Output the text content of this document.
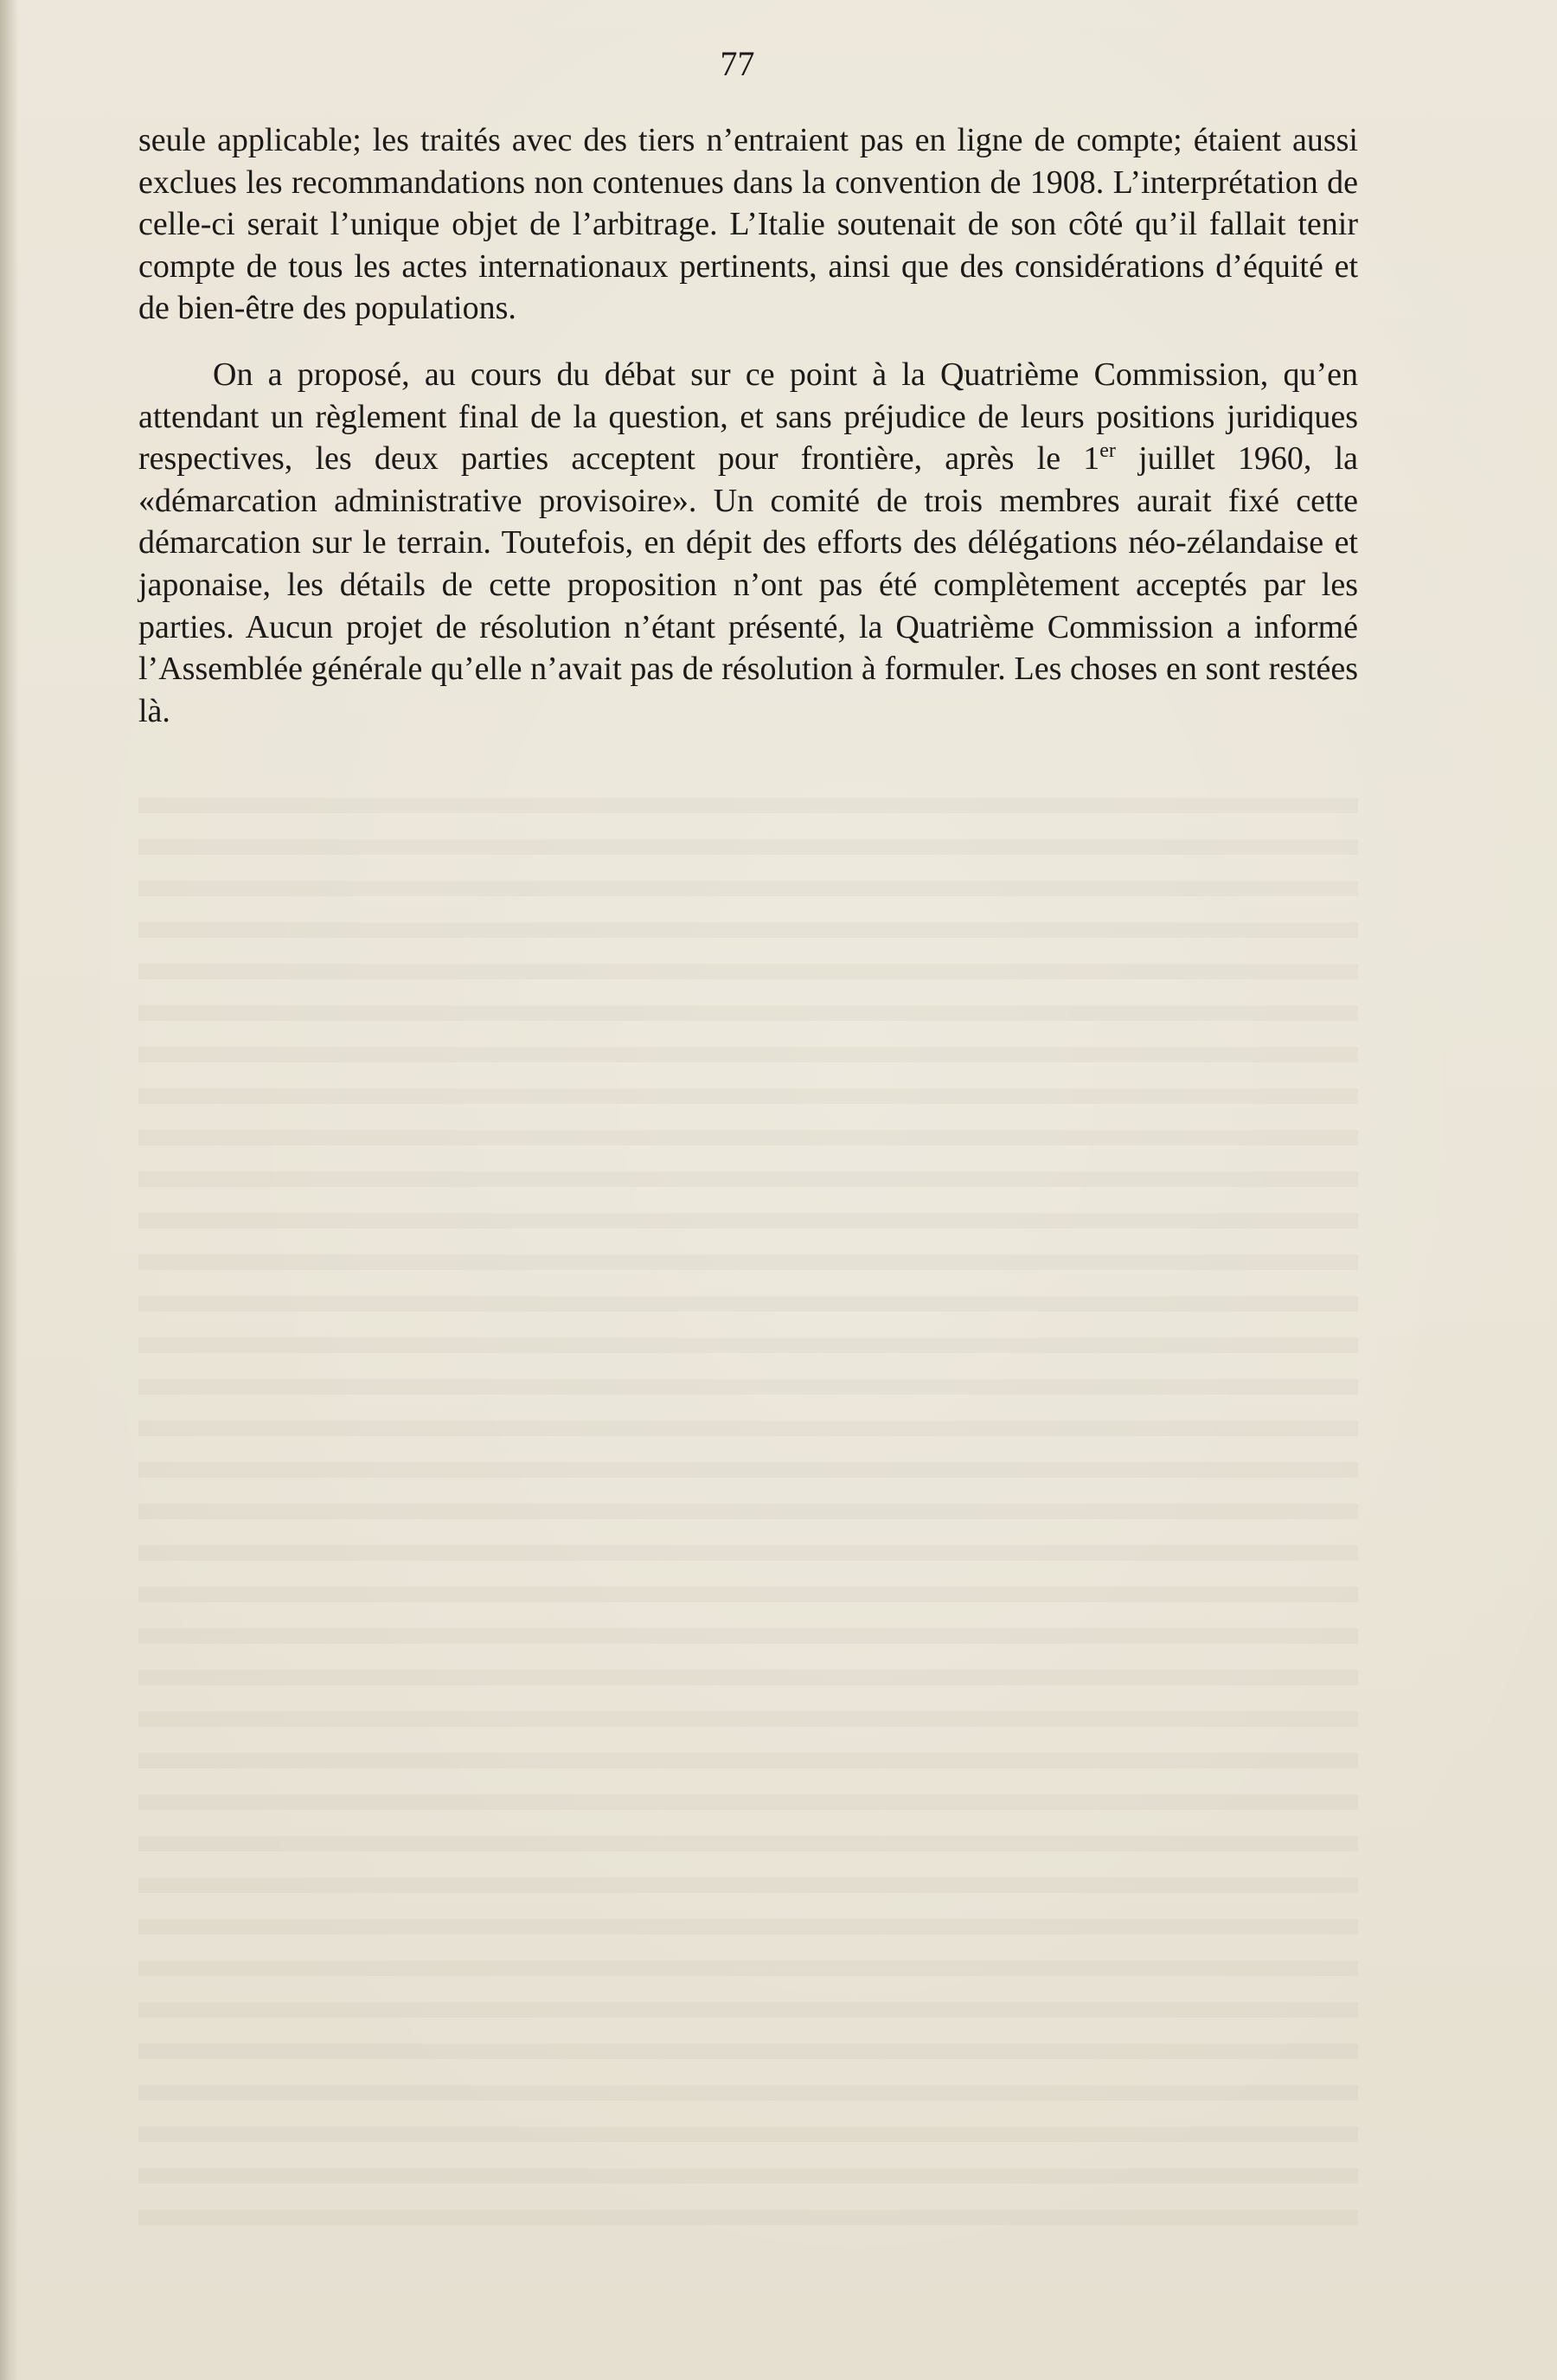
77

seule applicable; les traités avec des tiers n’entraient pas en ligne de compte; étaient aussi exclues les recommandations non contenues dans la convention de 1908. L’interprétation de celle-ci serait l’unique objet de l’arbitrage. L’Italie soutenait de son côté qu’il fallait tenir compte de tous les actes internationaux pertinents, ainsi que des considérations d’équité et de bien-être des populations.

On a proposé, au cours du débat sur ce point à la Quatrième Commission, qu’en attendant un règlement final de la question, et sans préjudice de leurs positions juridiques respectives, les deux parties acceptent pour frontière, après le 1er juillet 1960, la «démarcation administrative provisoire». Un comité de trois membres aurait fixé cette démarcation sur le terrain. Toutefois, en dépit des efforts des délégations néo-zélandaise et japonaise, les détails de cette proposition n’ont pas été complètement acceptés par les parties. Aucun projet de résolution n’étant présenté, la Quatrième Commission a informé l’Assemblée générale qu’elle n’avait pas de résolution à formuler. Les choses en sont restées là.
